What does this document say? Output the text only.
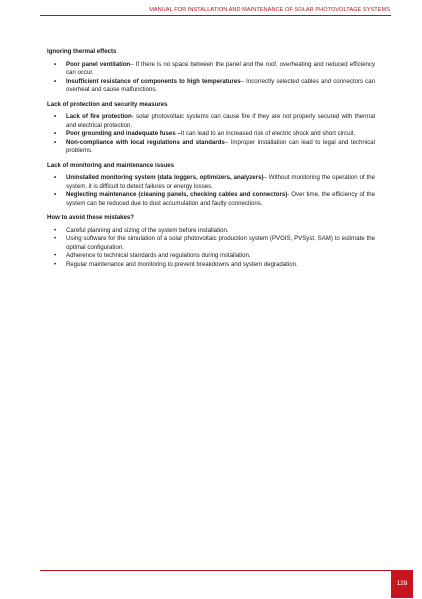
MANUAL FOR INSTALLATION AND MAINTENANCE OF SOLAR PHOTOVOLTAGE SYSTEMS
Ignoring thermal effects
• Poor panel ventilation– If there is no space between the panel and the roof, overheating and reduced efficiency can occur.
• Insufficient resistance of components to high temperatures– Incorrectly selected cables and connectors can overheat and cause malfunctions.
Lack of protection and security measures
• Lack of fire protection- solar photovoltaic systems can cause fire if they are not properly secured with thermal and electrical protection.
• Poor grounding and inadequate fuses –It can lead to an increased risk of electric shock and short circuit.
• Non-compliance with local regulations and standards– Improper installation can lead to legal and technical problems.
Lack of monitoring and maintenance issues
• Uninstalled monitoring system (data loggers, optimizers, analyzers)– Without monitoring the operation of the system, it is difficult to detect failures or energy losses.
• Neglecting maintenance (cleaning panels, checking cables and connectors)- Over time, the efficiency of the system can be reduced due to dust accumulation and faulty connections.
How to avoid these mistakes?
• Careful planning and sizing of the system before installation.
• Using software for the simulation of a solar photovoltaic production system (PVGIS, PVSyst, SAM) to estimate the optimal configuration.
• Adherence to technical standards and regulations during installation.
• Regular maintenance and monitoring to prevent breakdowns and system degradation.
128
